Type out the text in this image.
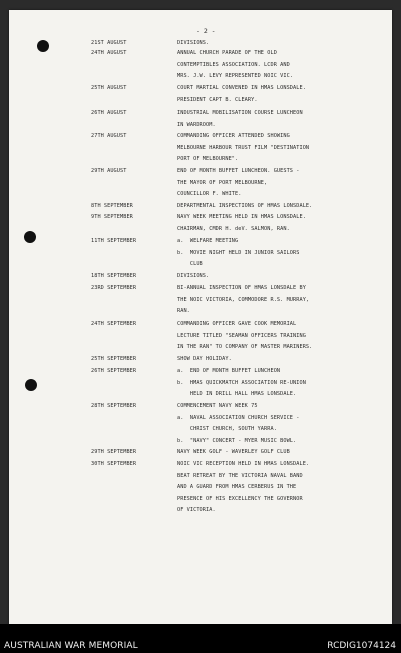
- 2 -
21ST AUGUST	DIVISIONS.
24TH AUGUST	ANNUAL CHURCH PARADE OF THE OLD
CONTEMPTIBLES ASSOCIATION. LCDR AND
MRS. J.W. LEVY REPRESENTED NOIC VIC.
25TH AUGUST	COURT MARTIAL CONVENED IN HMAS LONSDALE.
PRESIDENT CAPT B. CLEARY.
26TH AUGUST	INDUSTRIAL MOBILISATION COURSE LUNCHEON
IN WARDROOM.
27TH AUGUST	COMMANDING OFFICER ATTENDED SHOWING
MELBOURNE HARBOUR TRUST FILM "DESTINATION
PORT OF MELBOURNE".
29TH AUGUST	END OF MONTH BUFFET LUNCHEON. GUESTS -
THE MAYOR OF PORT MELBOURNE,
COUNCILLOR F. WHITE.
8TH SEPTEMBER	DEPARTMENTAL INSPECTIONS OF HMAS LONSDALE.
9TH SEPTEMBER	NAVY WEEK MEETING HELD IN HMAS LONSDALE.
CHAIRMAN, CMDR H. deV. SALMON, RAN.
11TH SEPTEMBER	a.  WELFARE MEETING
b.  MOVIE NIGHT HELD IN JUNIOR SAILORS
CLUB
18TH SEPTEMBER	DIVISIONS.
23RD SEPTEMBER	BI-ANNUAL INSPECTION OF HMAS LONSDALE BY
THE NOIC VICTORIA, COMMODORE R.S. MURRAY,
RAN.
24TH SEPTEMBER	COMMANDING OFFICER GAVE COOK MEMORIAL
LECTURE TITLED "SEAMAN OFFICERS TRAINING
IN THE RAN" TO COMPANY OF MASTER MARINERS.
25TH SEPTEMBER	SHOW DAY HOLIDAY.
26TH SEPTEMBER	a.  END OF MONTH BUFFET LUNCHEON
b.  HMAS QUICKMATCH ASSOCIATION RE-UNION
HELD IN DRILL HALL HMAS LONSDALE.
28TH SEPTEMBER	COMMENCEMENT NAVY WEEK 75
a.  NAVAL ASSOCIATION CHURCH SERVICE -
CHRIST CHURCH, SOUTH YARRA.
b.  "NAVY" CONCERT - MYER MUSIC BOWL.
29TH SEPTEMBER	NAVY WEEK GOLF - WAVERLEY GOLF CLUB
30TH SEPTEMBER	NOIC VIC RECEPTION HELD IN HMAS LONSDALE.
BEAT RETREAT BY THE VICTORIA NAVAL BAND
AND A GUARD FROM HMAS CERBERUS IN THE
PRESENCE OF HIS EXCELLENCY THE GOVERNOR
OF VICTORIA.
AUSTRALIAN WAR MEMORIAL	RCDIG1074124
